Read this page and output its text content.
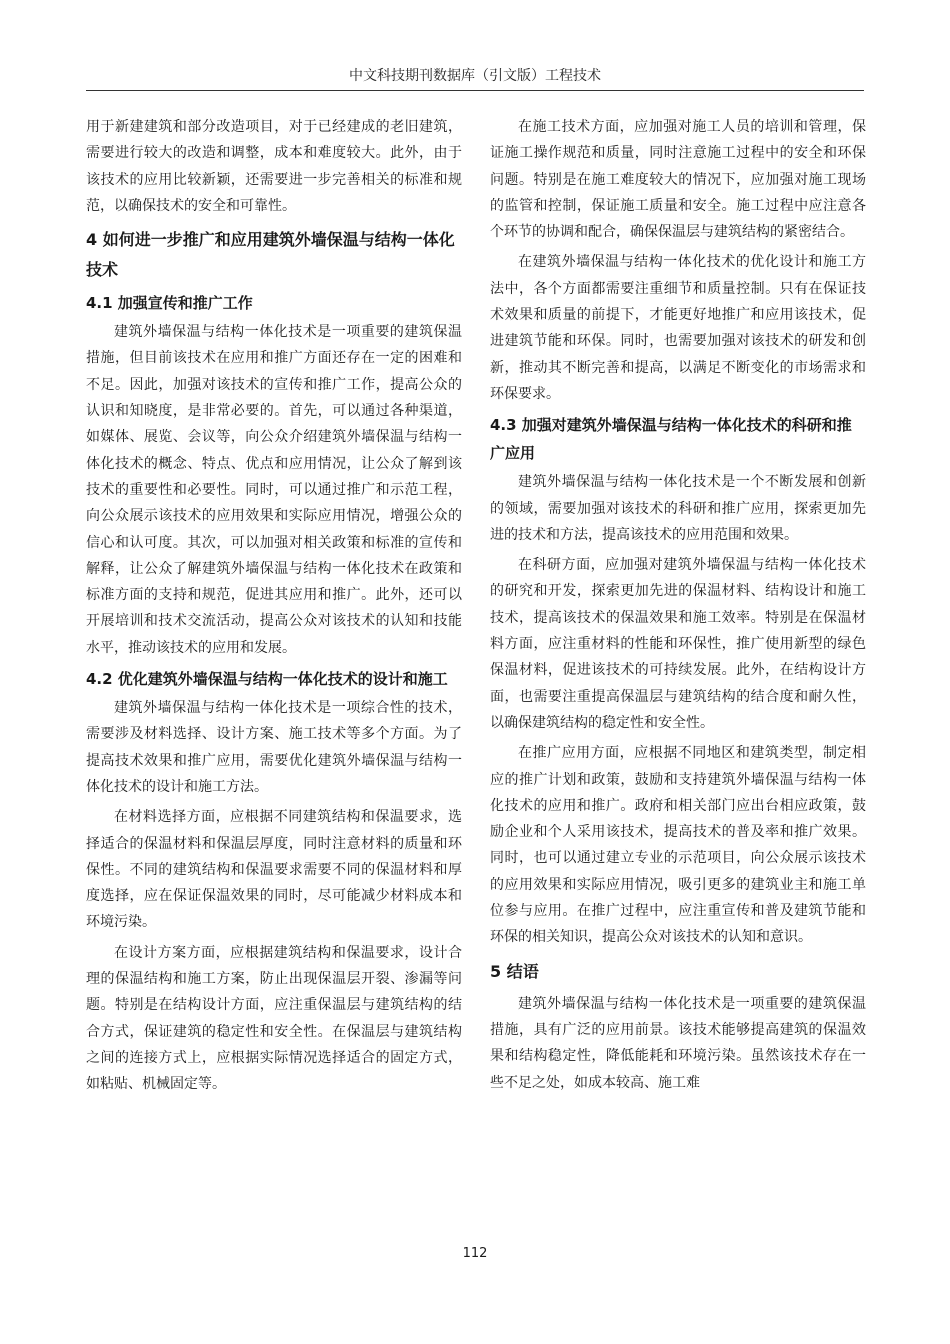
中文科技期刊数据库（引文版）工程技术

用于新建建筑和部分改造项目，对于已经建成的老旧建筑，需要进行较大的改造和调整，成本和难度较大。此外，由于该技术的应用比较新颖，还需要进一步完善相关的标准和规范，以确保技术的安全和可靠性。

4 如何进一步推广和应用建筑外墙保温与结构一体化技术
4.1 加强宣传和推广工作

建筑外墙保温与结构一体化技术是一项重要的建筑保温措施，但目前该技术在应用和推广方面还存在一定的困难和不足。因此，加强对该技术的宣传和推广工作，提高公众的认识和知晓度，是非常必要的。首先，可以通过各种渠道，如媒体、展览、会议等，向公众介绍建筑外墙保温与结构一体化技术的概念、特点、优点和应用情况，让公众了解到该技术的重要性和必要性。同时，可以通过推广和示范工程，向公众展示该技术的应用效果和实际应用情况，增强公众的信心和认可度。其次，可以加强对相关政策和标准的宣传和解释，让公众了解建筑外墙保温与结构一体化技术在政策和标准方面的支持和规范，促进其应用和推广。此外，还可以开展培训和技术交流活动，提高公众对该技术的认知和技能水平，推动该技术的应用和发展。

4.2 优化建筑外墙保温与结构一体化技术的设计和施工

建筑外墙保温与结构一体化技术是一项综合性的技术，需要涉及材料选择、设计方案、施工技术等多个方面。为了提高技术效果和推广应用，需要优化建筑外墙保温与结构一体化技术的设计和施工方法。

在材料选择方面，应根据不同建筑结构和保温要求，选择适合的保温材料和保温层厚度，同时注意材料的质量和环保性。不同的建筑结构和保温要求需要不同的保温材料和厚度选择，应在保证保温效果的同时，尽可能减少材料成本和环境污染。

在设计方案方面，应根据建筑结构和保温要求，设计合理的保温结构和施工方案，防止出现保温层开裂、渗漏等问题。特别是在结构设计方面，应注重保温层与建筑结构的结合方式，保证建筑的稳定性和安全性。在保温层与建筑结构之间的连接方式上，应根据实际情况选择适合的固定方式，如粘贴、机械固定等。

在施工技术方面，应加强对施工人员的培训和管理，保证施工操作规范和质量，同时注意施工过程中的安全和环保问题。特别是在施工难度较大的情况下，应加强对施工现场的监管和控制，保证施工质量和安全。施工过程中应注意各个环节的协调和配合，确保保温层与建筑结构的紧密结合。

在建筑外墙保温与结构一体化技术的优化设计和施工方法中，各个方面都需要注重细节和质量控制。只有在保证技术效果和质量的前提下，才能更好地推广和应用该技术，促进建筑节能和环保。同时，也需要加强对该技术的研发和创新，推动其不断完善和提高，以满足不断变化的市场需求和环保要求。

4.3 加强对建筑外墙保温与结构一体化技术的科研和推广应用

建筑外墙保温与结构一体化技术是一个不断发展和创新的领域，需要加强对该技术的科研和推广应用，探索更加先进的技术和方法，提高该技术的应用范围和效果。

在科研方面，应加强对建筑外墙保温与结构一体化技术的研究和开发，探索更加先进的保温材料、结构设计和施工技术，提高该技术的保温效果和施工效率。特别是在保温材料方面，应注重材料的性能和环保性，推广使用新型的绿色保温材料，促进该技术的可持续发展。此外，在结构设计方面，也需要注重提高保温层与建筑结构的结合度和耐久性，以确保建筑结构的稳定性和安全性。

在推广应用方面，应根据不同地区和建筑类型，制定相应的推广计划和政策，鼓励和支持建筑外墙保温与结构一体化技术的应用和推广。政府和相关部门应出台相应政策，鼓励企业和个人采用该技术，提高技术的普及率和推广效果。同时，也可以通过建立专业的示范项目，向公众展示该技术的应用效果和实际应用情况，吸引更多的建筑业主和施工单位参与应用。在推广过程中，应注重宣传和普及建筑节能和环保的相关知识，提高公众对该技术的认知和意识。

5 结语

建筑外墙保温与结构一体化技术是一项重要的建筑保温措施，具有广泛的应用前景。该技术能够提高建筑的保温效果和结构稳定性，降低能耗和环境污染。虽然该技术存在一些不足之处，如成本较高、施工难

112
